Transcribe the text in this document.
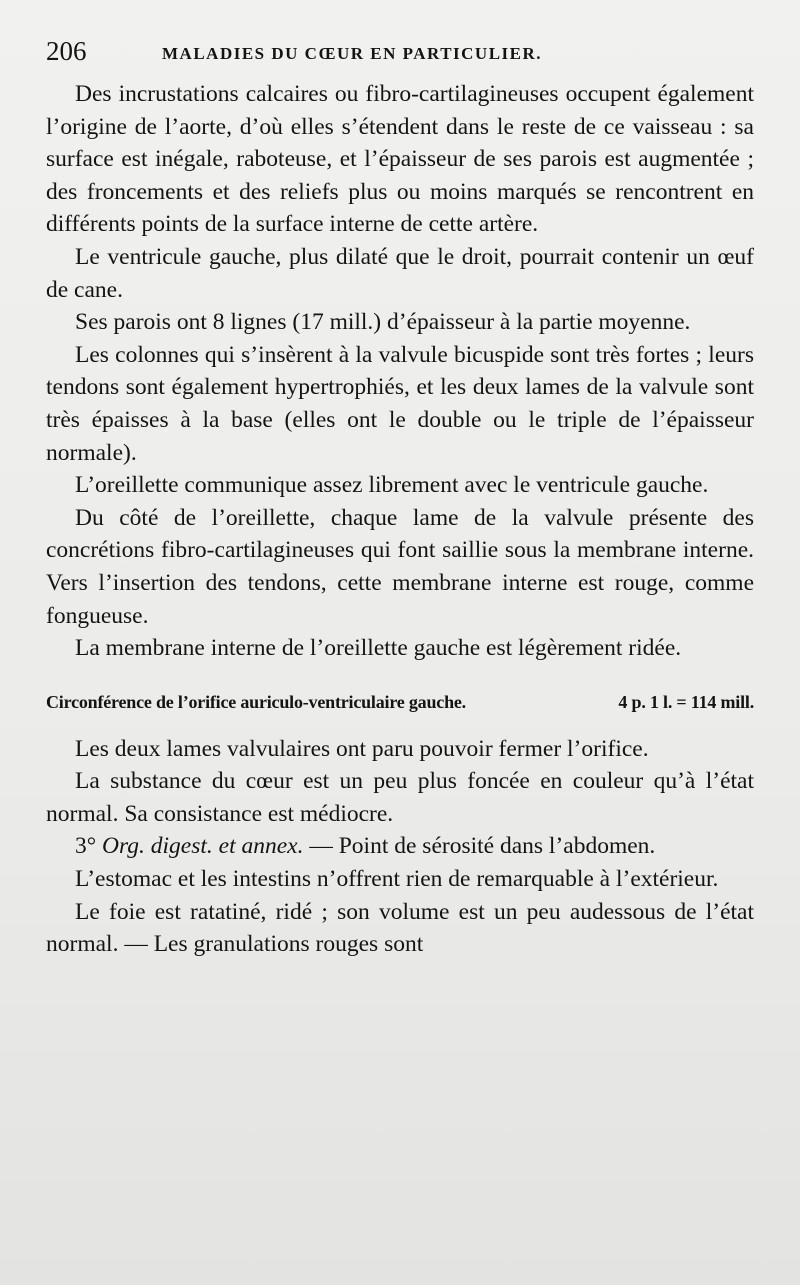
206	MALADIES DU CŒUR EN PARTICULIER.

Des incrustations calcaires ou fibro-cartilagineuses occupent également l’origine de l’aorte, d’où elles s’étendent dans le reste de ce vaisseau : sa surface est inégale, raboteuse, et l’épaisseur de ses parois est augmentée ; des froncements et des reliefs plus ou moins marqués se rencontrent en différents points de la surface interne de cette artère.

Le ventricule gauche, plus dilaté que le droit, pourrait contenir un œuf de cane.

Ses parois ont 8 lignes (17 mill.) d’épaisseur à la partie moyenne.

Les colonnes qui s’insèrent à la valvule bicuspide sont très fortes ; leurs tendons sont également hypertrophiés, et les deux lames de la valvule sont très épaisses à la base (elles ont le double ou le triple de l’épaisseur normale).

L’oreillette communique assez librement avec le ventricule gauche.

Du côté de l’oreillette, chaque lame de la valvule présente des concrétions fibro-cartilagineuses qui font saillie sous la membrane interne. Vers l’insertion des tendons, cette membrane interne est rouge, comme fongueuse.

La membrane interne de l’oreillette gauche est légèrement ridée.

Circonférence de l’orifice auriculo-ventriculaire gauche.	4 p. 1 l. = 114 mill.

Les deux lames valvulaires ont paru pouvoir fermer l’orifice.

La substance du cœur est un peu plus foncée en couleur qu’à l’état normal. Sa consistance est médiocre.

3° Org. digest. et annex. — Point de sérosité dans l’abdomen.

L’estomac et les intestins n’offrent rien de remarquable à l’extérieur.

Le foie est ratatiné, ridé ; son volume est un peu audessous de l’état normal. — Les granulations rouges sont
